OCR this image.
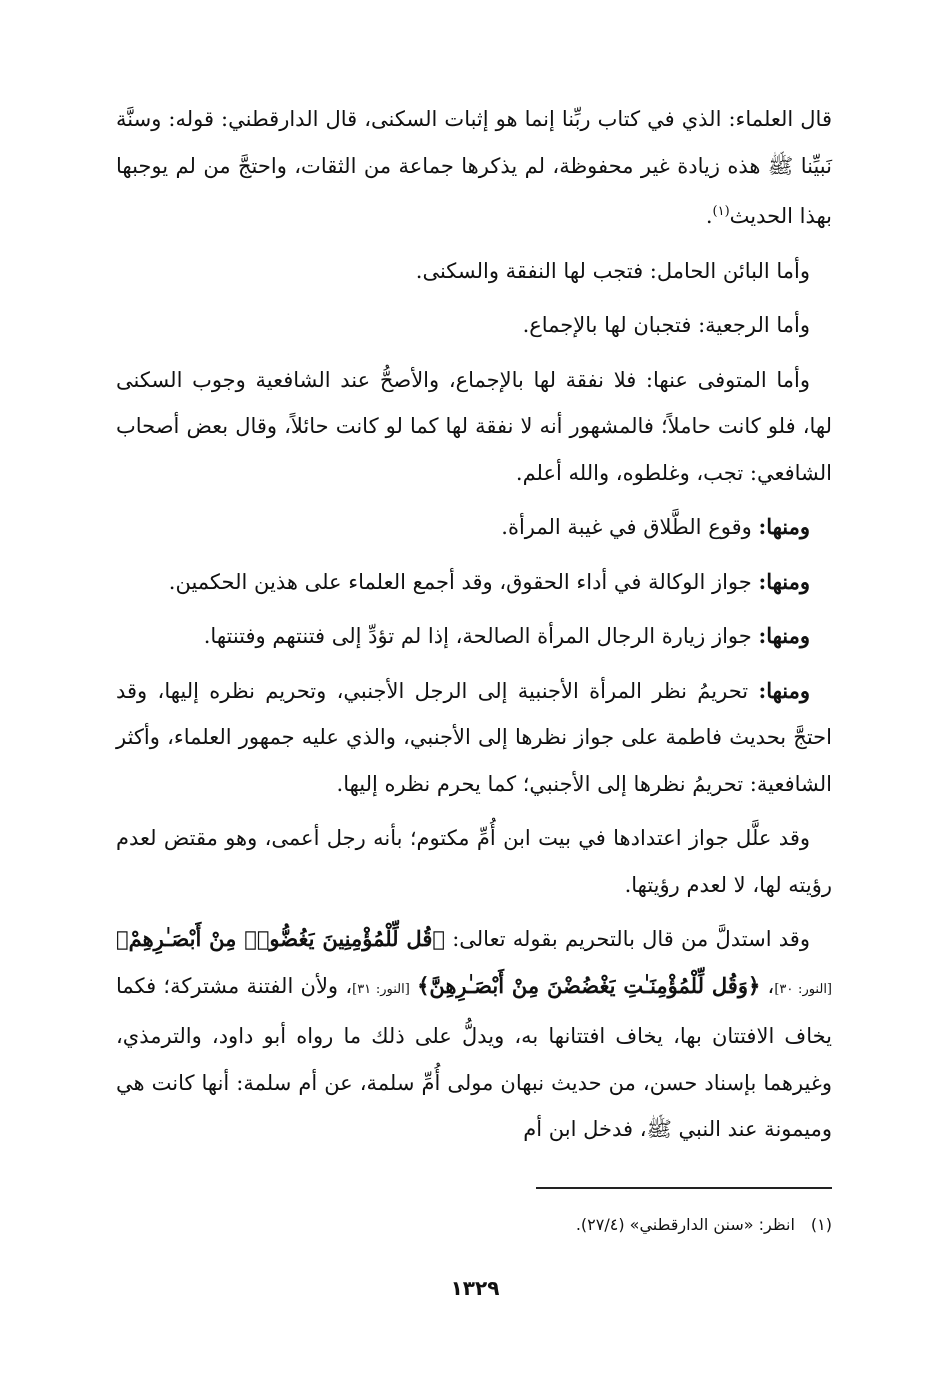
قال العلماء: الذي في كتاب ربِّنا إنما هو إثبات السكنى، قال الدارقطني: قوله: وسنَّة نَبيِّنا ﷺ هذه زيادة غير محفوظة، لم يذكرها جماعة من الثقات، واحتجَّ من لم يوجبها بهذا الحديث$^{(١)}$.

وأما البائن الحامل: فتجب لها النفقة والسكنى.

وأما الرجعية: فتجبان لها بالإجماع.

وأما المتوفى عنها: فلا نفقة لها بالإجماع، والأصحُّ عند الشافعية وجوب السكنى لها، فلو كانت حاملاً؛ فالمشهور أنه لا نفقة لها كما لو كانت حائلاً، وقال بعض أصحاب الشافعي: تجب، وغلطوه، والله أعلم.

ومنها: وقوع الطَّلاق في غيبة المرأة.

ومنها: جواز الوكالة في أداء الحقوق، وقد أجمع العلماء على هذين الحكمين.

ومنها: جواز زيارة الرجال المرأة الصالحة، إذا لم تؤدِّ إلى فتنتهم وفتنتها.

ومنها: تحريمُ نظر المرأة الأجنبية إلى الرجل الأجنبي، وتحريم نظره إليها، وقد احتجَّ بحديث فاطمة على جواز نظرها إلى الأجنبي، والذي عليه جمهور العلماء، وأكثر الشافعية: تحريمُ نظرها إلى الأجنبي؛ كما يحرم نظره إليها.

وقد علَّل جواز اعتدادها في بيت ابن أُمِّ مكتوم؛ بأنه رجل أعمى، وهو مقتض لعدم رؤيته لها، لا لعدم رؤيتها.

وقد استدلَّ من قال بالتحريم بقوله تعالى: ﴿قُل لِّلْمُؤْمِنِينَ يَغُضُّوا۟ مِنْ أَبْصَـٰرِهِمْ﴾ [النور: ٣٠]، ﴿وَقُل لِّلْمُؤْمِنَـٰتِ يَغْضُضْنَ مِنْ أَبْصَـٰرِهِنَّ﴾ [النور: ٣١]، ولأن الفتنة مشتركة؛ فكما يخاف الافتتان بها، يخاف افتتانها به، ويدلُّ على ذلك ما رواه أبو داود، والترمذي، وغيرهما بإسناد حسن، من حديث نبهان مولى أُمِّ سلمة، عن أم سلمة: أنها كانت هي وميمونة عند النبي ﷺ، فدخل ابن أم

(١)انظر: «سنن الدارقطني» (٢٧/٤).
١٣٢٩
